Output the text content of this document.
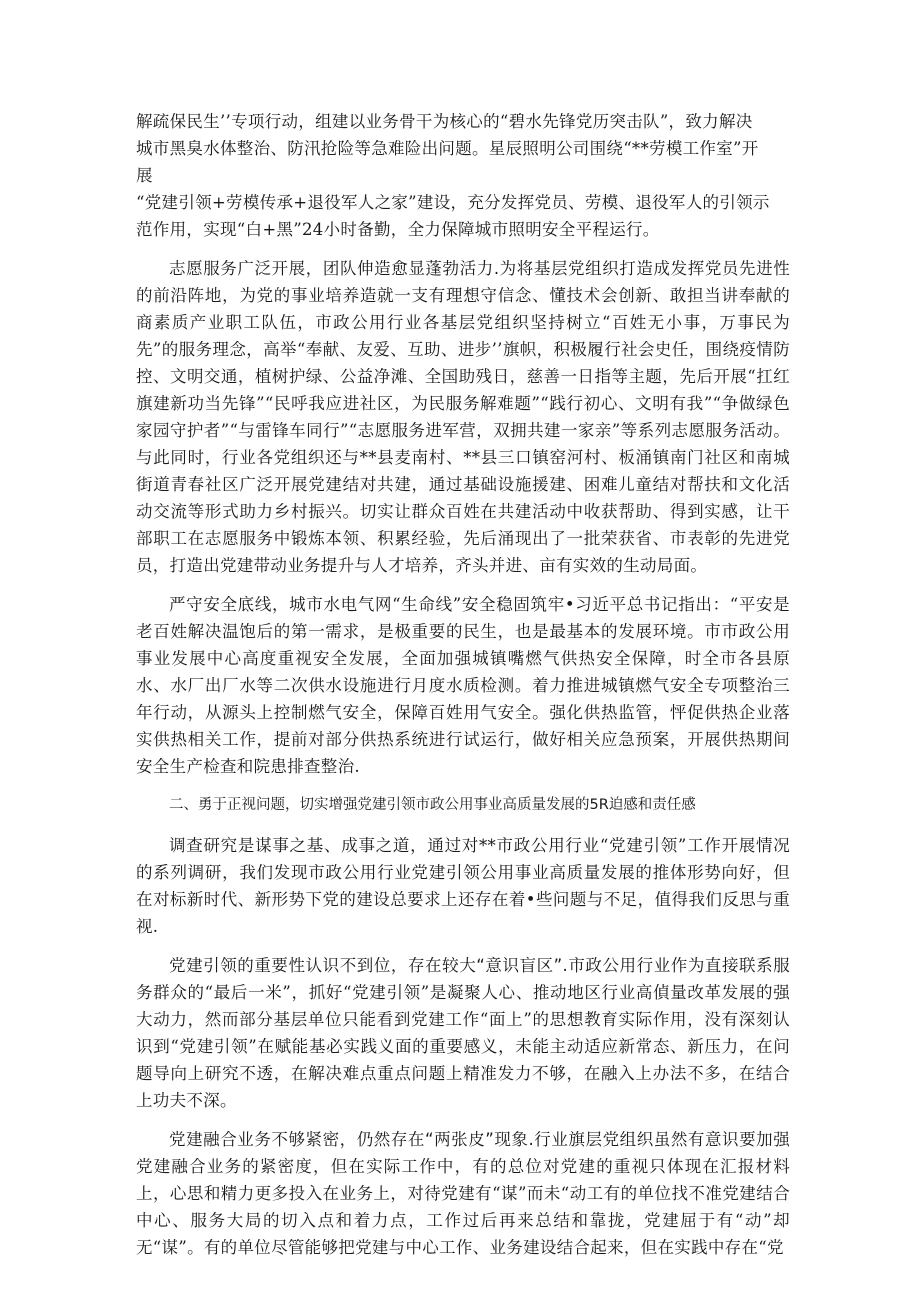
解疏保民生’’专项行动，组建以业务骨干为核心的“碧水先锋党历突击队”，致力解决
城市黑臭水体整治、防汛抢险等急难险出问题。星辰照明公司围绕“**劳模工作室”开
展
“党建引领+劳模传承+退役军人之家”建设，充分发挥党员、劳模、退役军人的引领示
范作用，实现“白+黑”24小时备勤，全力保障城市照明安全平程运行。

志愿服务广泛开展，团队伸造愈显蓬勃活力.为将基层党组织打造成发挥党员先进性的前沿阵地，为党的事业培养造就一支有理想守信念、懂技术会创新、敢担当讲奉献的商素质产业职工队伍，市政公用行业各基层党组织坚持树立“百姓无小事，万事民为先”的服务理念，高举“奉献、友爱、互助、进步’’旗帜，积极履行社会史任，围绕疫情防控、文明交通，植树护绿、公益净滩、全国助残日，慈善一日指等主题，先后开展“扛红旗建新功当先锋”“民呼我应进社区，为民服务解难题”“践行初心、文明有我”“争做绿色家园守护者”“与雷锋车同行”“志愿服务进军营，双拥共建一家亲”等系列志愿服务活动。与此同时，行业各党组织还与**县麦南村、**县三口镇窑河村、板涌镇南门社区和南城街道青春社区广泛开展党建结对共建，通过基础设施援建、困难儿童结对帮扶和文化活动交流等形式助力乡村振兴。切实让群众百姓在共建活动中收获帮助、得到实感，让干部职工在志愿服务中锻炼本领、积累经验，先后涌现出了一批荣获省、市表彰的先进党员，打造出党建带动业务提升与人才培养，齐头并进、亩有实效的生动局面。

严守安全底线，城市水电气网“生命线”安全稳固筑牢•习近平总书记指出：“平安是老百姓解决温饱后的第一需求，是极重要的民生，也是最基本的发展环境。市市政公用事业发展中心高度重视安全发展，全面加强城镇嘴燃气供热安全保障，时全市各县原水、水厂出厂水等二次供水设施进行月度水质检测。着力推进城镇燃气安全专项整治三年行动，从源头上控制燃气安全，保障百姓用气安全。强化供热监管，怦促供热企业落实供热相关工作，提前对部分供热系统进行试运行，做好相关应急预案，开展供热期间安全生产检查和院患排查整治.

二、勇于正视问题，切实增强党建引领市政公用事业高质量发展的5R迫感和责任感

调查研究是谋事之基、成事之道，通过对**市政公用行业“党建引领”工作开展情况的系列调研，我们发现市政公用行业党建引领公用事业高质量发展的推体形势向好，但在对标新时代、新形势下党的建设总要求上还存在着•些问题与不足，值得我们反思与重视.

党建引领的重要性认识不到位，存在较大“意识盲区”.市政公用行业作为直接联系服务群众的“最后一米”，抓好“党建引领”是凝聚人心、推动地区行业高偵量改革发展的强大动力，然而部分基层单位只能看到党建工作“面上”的思想教育实际作用，没有深刻认识到“党建引领”在赋能基必实践义面的重要感义，未能主动适应新常态、新压力，在问题导向上研究不透，在解决难点重点问题上精准发力不够，在融入上办法不多，在结合上功夫不深。

党建融合业务不够紧密，仍然存在“两张皮”现象.行业旗层党组织虽然有意识要加强党建融合业务的紧密度，但在实际工作中，有的总位对党建的重视只体现在汇报材料上，心思和精力更多投入在业务上，对待党建有“谋”而未“动工有的单位找不准党建结合中心、服务大局的切入点和着力点，工作过后再来总结和靠拢，党建屈于有“动”却无“谋”。有的单位尽管能够把党建与中心工作、业务建设结合起来，但在实践中存在“党
